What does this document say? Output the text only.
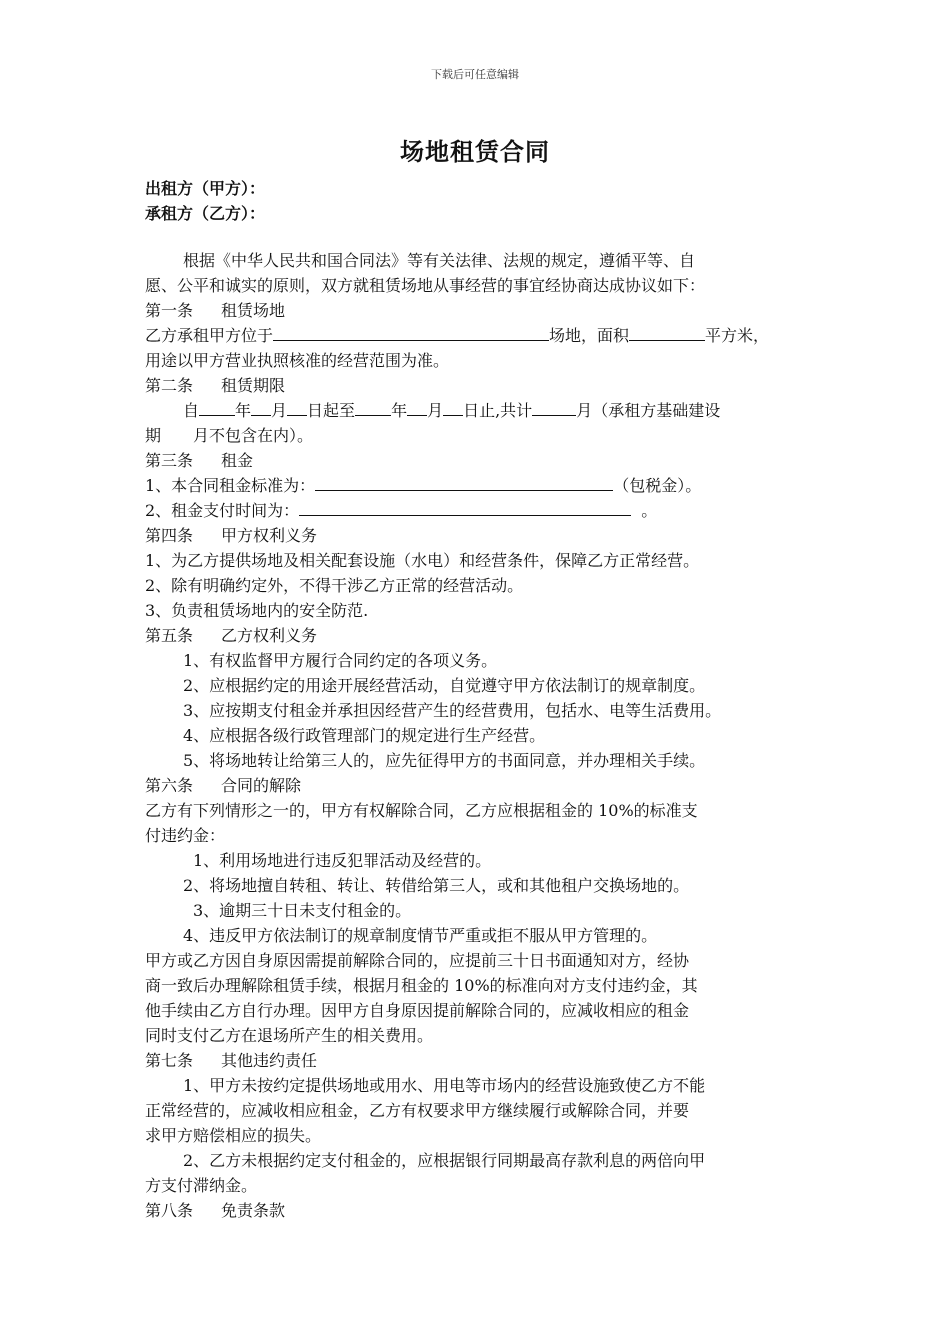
下载后可任意编辑
场地租赁合同
出租方（甲方）：
承租方（乙方）：

根据《中华人民共和国合同法》等有关法律、法规的规定，遵循平等、自

愿、公平和诚实的原则，双方就租赁场地从事经营的事宜经协商达成协议如下：

第一条 租赁场地

乙方承租甲方位于	场地，面积	平方米，

用途以甲方营业执照核准的经营范围为准。

第二条 租赁期限

自 年 月 日起至 年 月 日止,共计	月（承租方基础建设

期　　月不包含在内）。

第三条 租金

1、本合同租金标准为：	（包税金）。

2、租金支付时间为：	。

第四条 甲方权利义务

1、为乙方提供场地及相关配套设施（水电）和经营条件，保障乙方正常经营。

2、除有明确约定外，不得干涉乙方正常的经营活动。

3、负责租赁场地内的安全防范.

第五条 乙方权利义务

1、有权监督甲方履行合同约定的各项义务。

2、应根据约定的用途开展经营活动，自觉遵守甲方依法制订的规章制度。

3、应按期支付租金并承担因经营产生的经营费用，包括水、电等生活费用。

4、应根据各级行政管理部门的规定进行生产经营。

5、将场地转让给第三人的，应先征得甲方的书面同意，并办理相关手续。

第六条 合同的解除

乙方有下列情形之一的，甲方有权解除合同，乙方应根据租金的 10%的标准支

付违约金：

1、利用场地进行违反犯罪活动及经营的。

2、将场地擅自转租、转让、转借给第三人，或和其他租户交换场地的。

3、逾期三十日未支付租金的。

4、违反甲方依法制订的规章制度情节严重或拒不服从甲方管理的。

甲方或乙方因自身原因需提前解除合同的，应提前三十日书面通知对方，经协

商一致后办理解除租赁手续，根据月租金的 10%的标准向对方支付违约金，其

他手续由乙方自行办理。因甲方自身原因提前解除合同的，应减收相应的租金

同时支付乙方在退场所产生的相关费用。

第七条 其他违约责任

1、甲方未按约定提供场地或用水、用电等市场内的经营设施致使乙方不能

正常经营的，应减收相应租金，乙方有权要求甲方继续履行或解除合同，并要

求甲方赔偿相应的损失。

2、乙方未根据约定支付租金的，应根据银行同期最高存款利息的两倍向甲

方支付滞纳金。

第八条 免责条款
